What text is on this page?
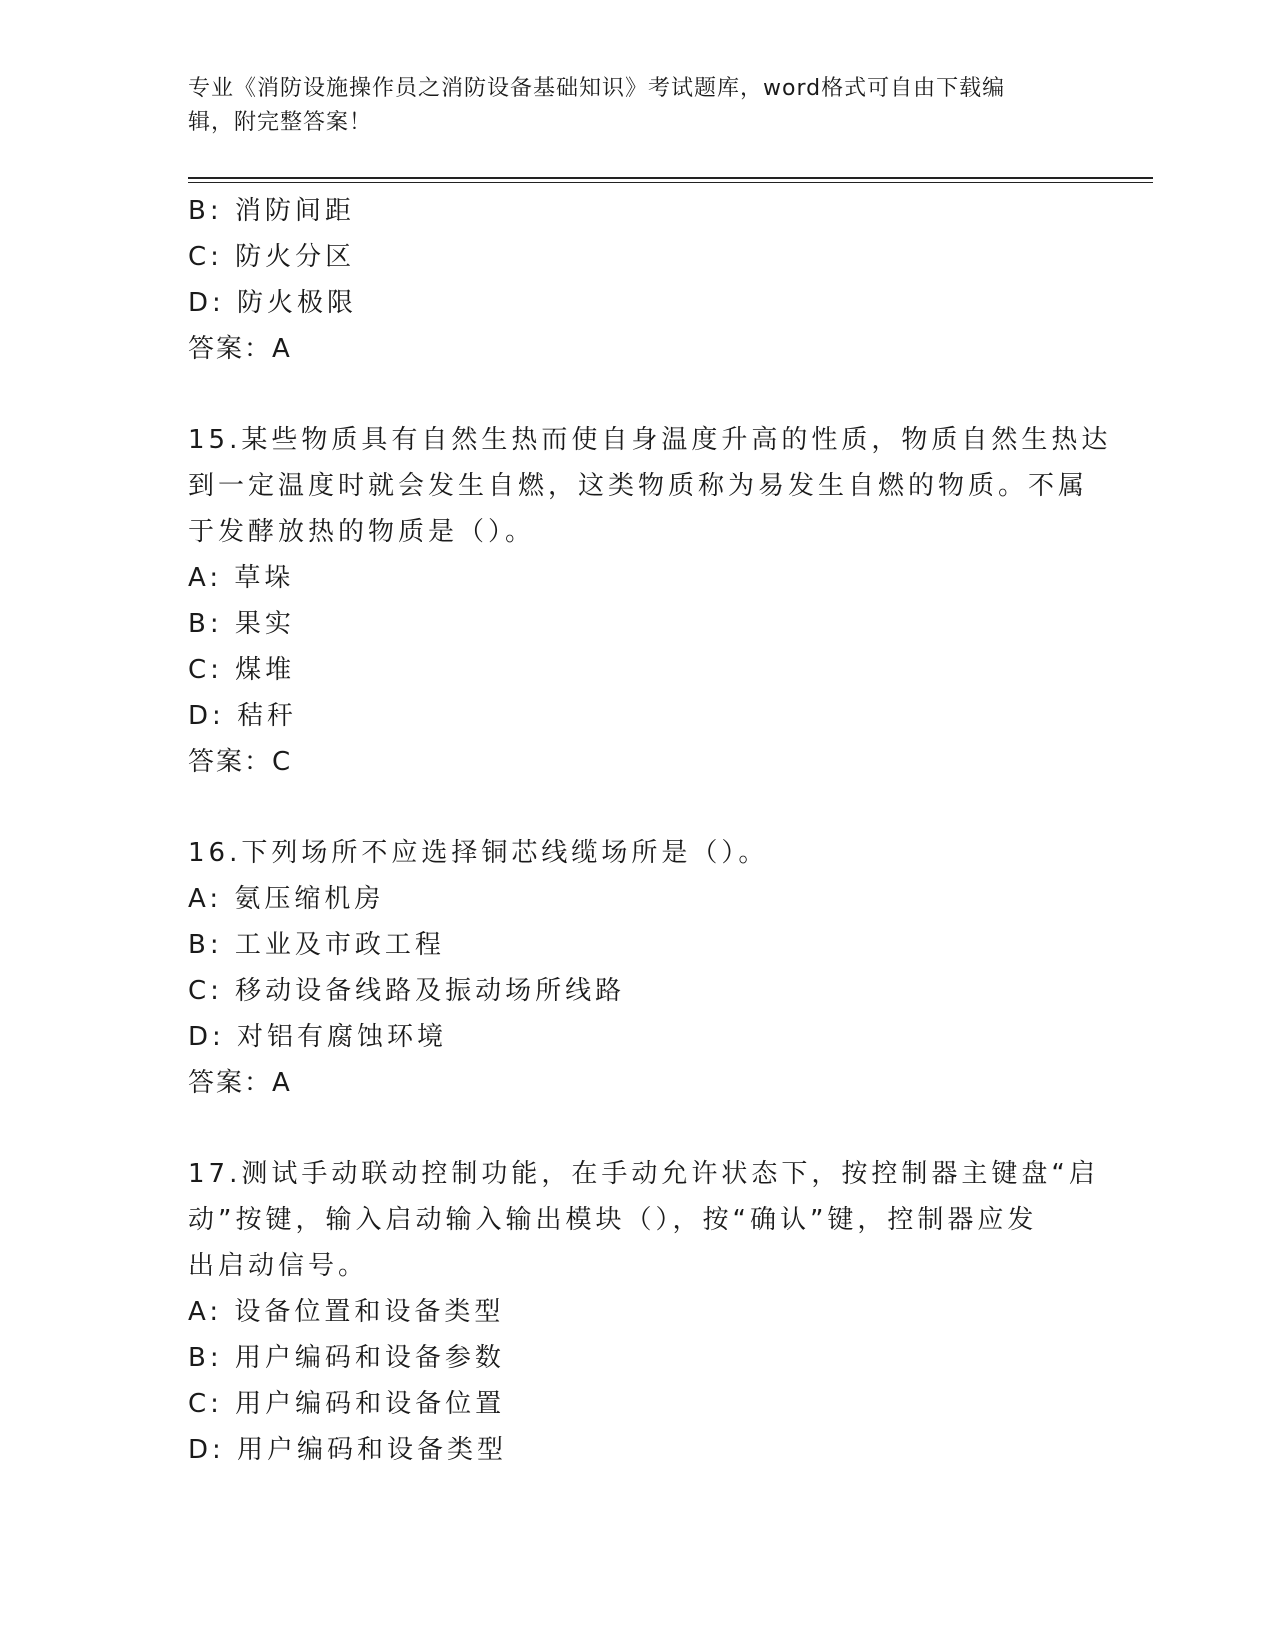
专业《消防设施操作员之消防设备基础知识》考试题库，word格式可自由下载编
辑，附完整答案！
B: 消防间距
C: 防火分区
D: 防火极限
答案：A
15.某些物质具有自然生热而使自身温度升高的性质，物质自然生热达
到一定温度时就会发生自燃，这类物质称为易发生自燃的物质。不属
于发酵放热的物质是（）。
A: 草垛
B: 果实
C: 煤堆
D: 秸秆
答案：C
16.下列场所不应选择铜芯线缆场所是（）。
A: 氨压缩机房
B: 工业及市政工程
C: 移动设备线路及振动场所线路
D: 对铝有腐蚀环境
答案：A
17.测试手动联动控制功能，在手动允许状态下，按控制器主键盘“启
动”按键，输入启动输入输出模块（），按“确认”键，控制器应发
出启动信号。
A: 设备位置和设备类型
B: 用户编码和设备参数
C: 用户编码和设备位置
D: 用户编码和设备类型
